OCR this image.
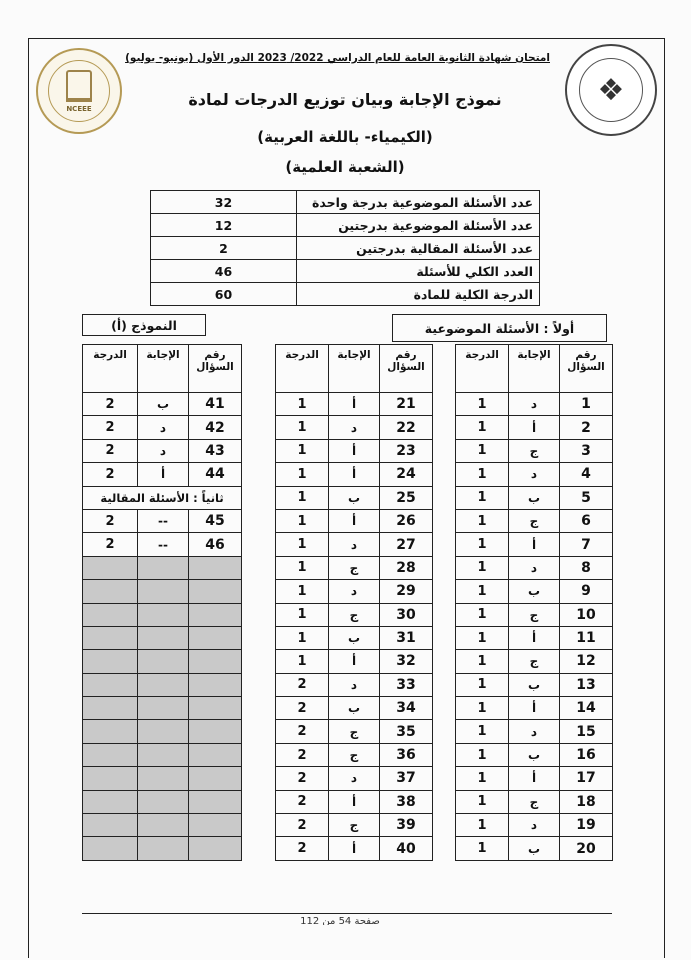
امتحان شهادة الثانوية العامة للعام الدراسي 2022/ 2023 الدور الأول (يونيو- يوليو)
NCEEE
❖
نموذج الإجابة وبيان توزيع الدرجات لمادة
(الكيمياء- باللغة العربية)
(الشعبة العلمية)
عدد الأسئلة الموضوعية بدرجة واحدة	32
عدد الأسئلة الموضوعية بدرجتين	12
عدد الأسئلة المقالية بدرجتين	2
العدد الكلي للأسئلة	46
الدرجة الكلية للمادة	60
النموذج (أ)	أولاً : الأسئلة الموضوعية
رقم السؤال	الإجابة	الدرجة
1	د	1
2	أ	1
3	ج	1
4	د	1
5	ب	1
6	ج	1
7	أ	1
8	د	1
9	ب	1
10	ج	1
11	أ	1
12	ج	1
13	ب	1
14	أ	1
15	د	1
16	ب	1
17	أ	1
18	ج	1
19	د	1
20	ب	1
رقم السؤال	الإجابة	الدرجة
21	أ	1
22	د	1
23	أ	1
24	أ	1
25	ب	1
26	أ	1
27	د	1
28	ج	1
29	د	1
30	ج	1
31	ب	1
32	أ	1
33	د	2
34	ب	2
35	ج	2
36	ج	2
37	د	2
38	أ	2
39	ج	2
40	أ	2
رقم السؤال	الإجابة	الدرجة
41	ب	2
42	د	2
43	د	2
44	أ	2
ثانياً : الأسئلة المقالية		
45	--	2
46	--	2

صفحة 54 من 112
